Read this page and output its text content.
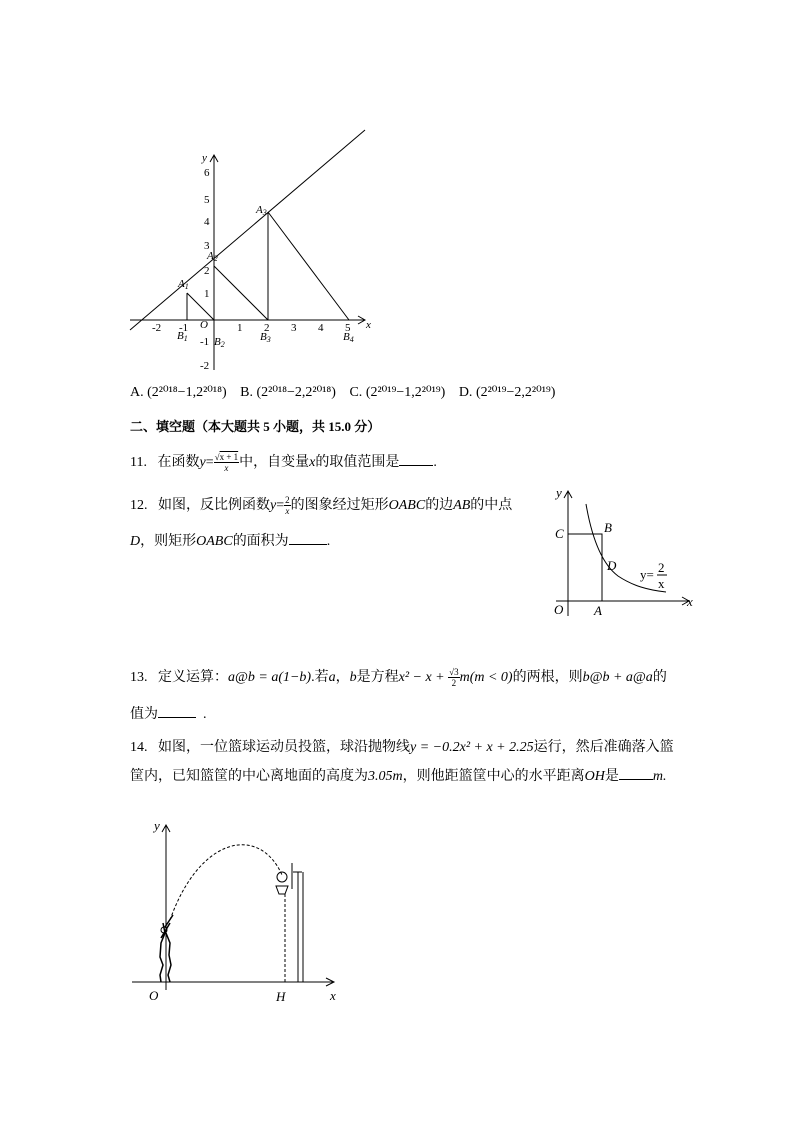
y
x
O
6
5
4
3
2
1
-1
-2
-2 -1	1 2 3 4 5
A1
A2
A3
B1 B2
B3	B4
A. (2²⁰¹⁸−1,2²⁰¹⁸) B. (2²⁰¹⁸−2,2²⁰¹⁸) C. (2²⁰¹⁹−1,2²⁰¹⁹) D. (2²⁰¹⁹−2,2²⁰¹⁹)
二、填空题（本大题共 5 小题，共 15.0 分）
11. 在函数$y= \frac{√x + 1}{x}$ 中，自变量x的取值范围是 .
12. 如图，反比例函数$y= \frac{2}{x}$ 的图象经过矩形OABC的边AB的中点
D，则矩形OABC的面积为	.
y
C	B
D
O A
x
y= 2
x
13. 定义运算：a@b = a(1−b).若a，b是方程$x^2 - x + \frac{√3}{2} m(m < 0)$的两根，则b@b + a@a的
值为	.
14. 如图，一位篮球运动员投篮，球沿抛物线y = −0.2x² + x + 2.25运行，然后准确落入篮
筐内，已知篮筐的中心离地面的高度为3.05m，则他距篮筐中心的水平距离OH是 m.
y
O	H	x
